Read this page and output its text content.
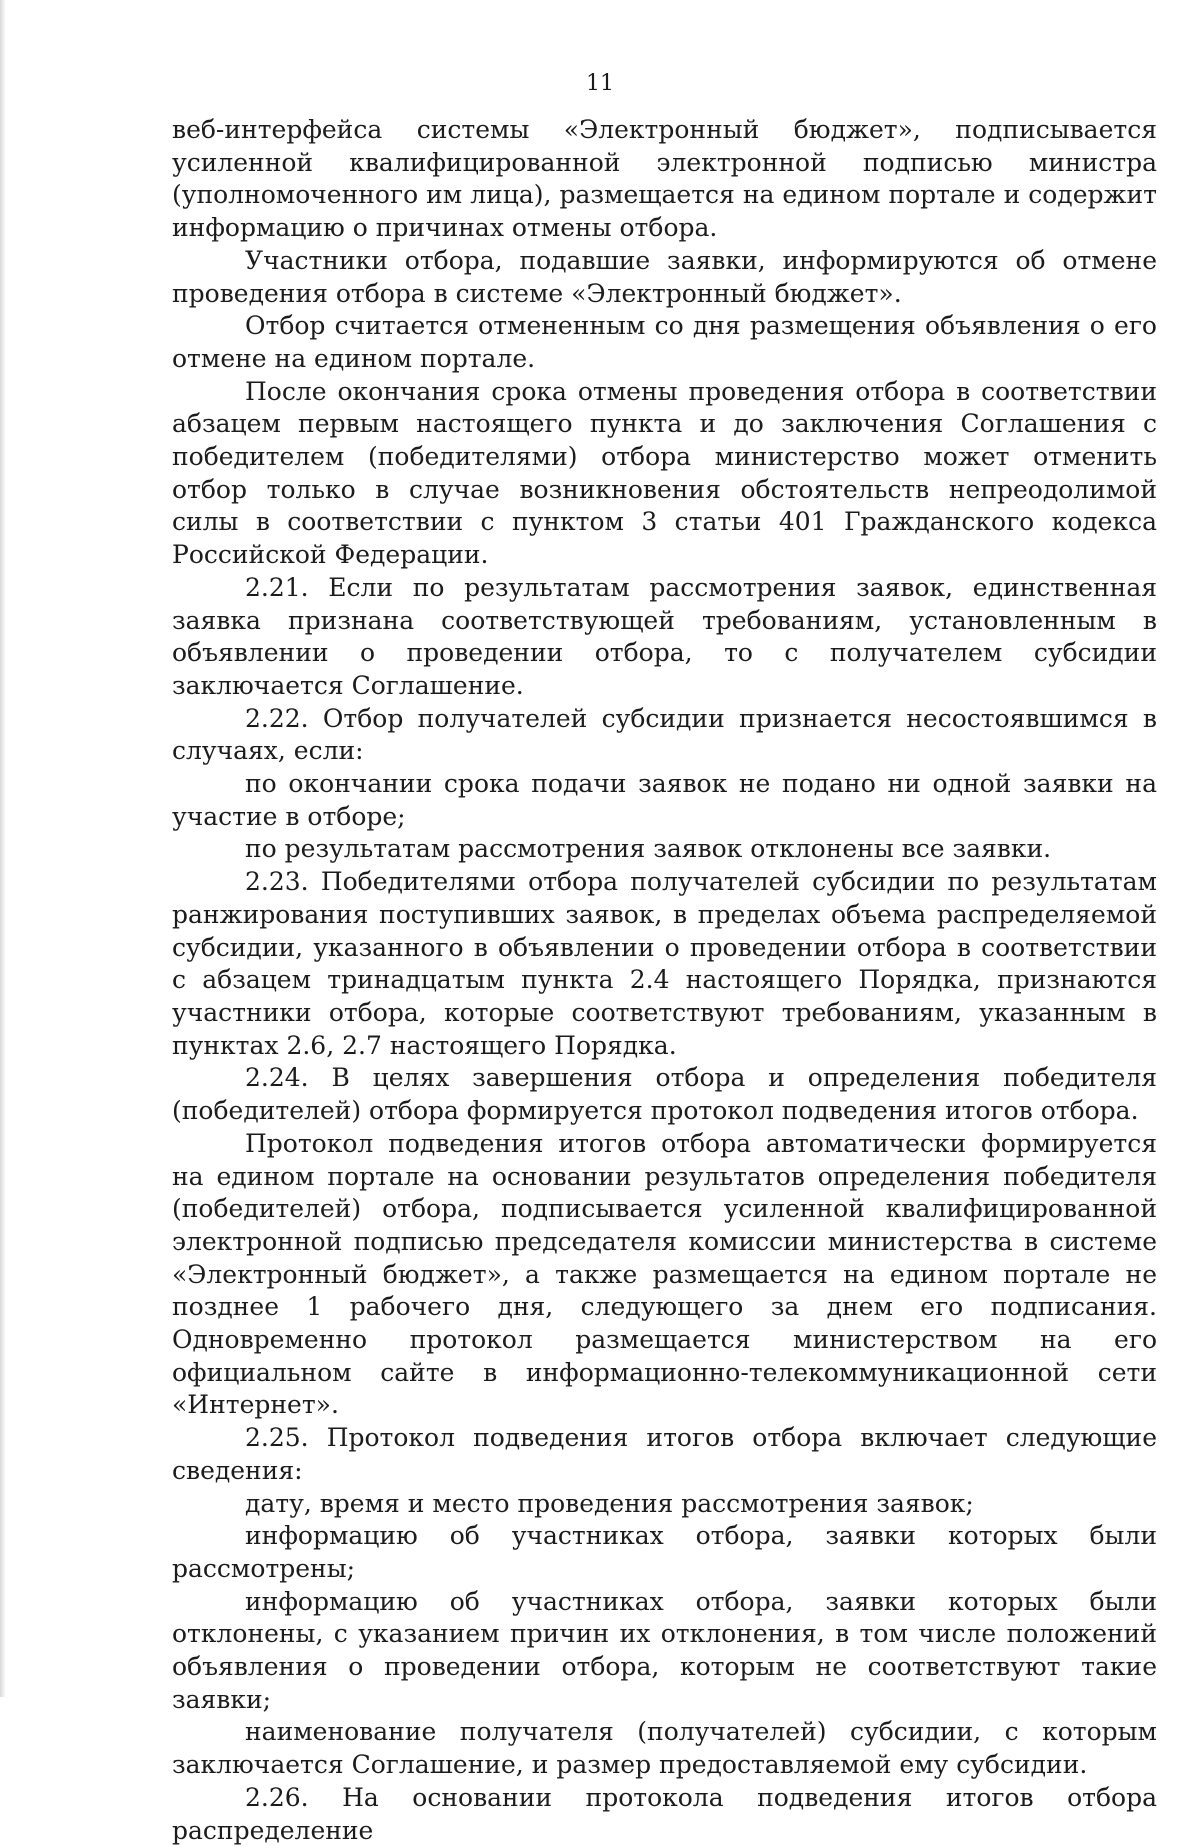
11

веб-интерфейса системы «Электронный бюджет», подписывается усиленной квалифицированной электронной подписью министра (уполномоченного им лица), размещается на едином портале и содержит информацию о причинах отмены отбора.

Участники отбора, подавшие заявки, информируются об отмене проведения отбора в системе «Электронный бюджет».

Отбор считается отмененным со дня размещения объявления о его отмене на едином портале.

После окончания срока отмены проведения отбора в соответствии абзацем первым настоящего пункта и до заключения Соглашения с победителем (победителями) отбора министерство может отменить отбор только в случае возникновения обстоятельств непреодолимой силы в соответствии с пунктом 3 статьи 401 Гражданского кодекса Российской Федерации.

2.21. Если по результатам рассмотрения заявок, единственная заявка признана соответствующей требованиям, установленным в объявлении о проведении отбора, то с получателем субсидии заключается Соглашение.

2.22. Отбор получателей субсидии признается несостоявшимся в случаях, если:

по окончании срока подачи заявок не подано ни одной заявки на участие в отборе;

по результатам рассмотрения заявок отклонены все заявки.

2.23. Победителями отбора получателей субсидии по результатам ранжирования поступивших заявок, в пределах объема распределяемой субсидии, указанного в объявлении о проведении отбора в соответствии с абзацем тринадцатым пункта 2.4 настоящего Порядка, признаются участники отбора, которые соответствуют требованиям, указанным в пунктах 2.6, 2.7 настоящего Порядка.

2.24. В целях завершения отбора и определения победителя (победителей) отбора формируется протокол подведения итогов отбора.

Протокол подведения итогов отбора автоматически формируется на едином портале на основании результатов определения победителя (победителей) отбора, подписывается усиленной квалифицированной электронной подписью председателя комиссии министерства в системе «Электронный бюджет», а также размещается на едином портале не позднее 1 рабочего дня, следующего за днем его подписания. Одновременно протокол размещается министерством на его официальном сайте в информационно-телекоммуникационной сети «Интернет».

2.25. Протокол подведения итогов отбора включает следующие сведения:

дату, время и место проведения рассмотрения заявок;

информацию об участниках отбора, заявки которых были рассмотрены;

информацию об участниках отбора, заявки которых были отклонены, с указанием причин их отклонения, в том числе положений объявления о проведении отбора, которым не соответствуют такие заявки;

наименование получателя (получателей) субсидии, с которым заключается Соглашение, и размер предоставляемой ему субсидии.

2.26. На основании протокола подведения итогов отбора распределение
